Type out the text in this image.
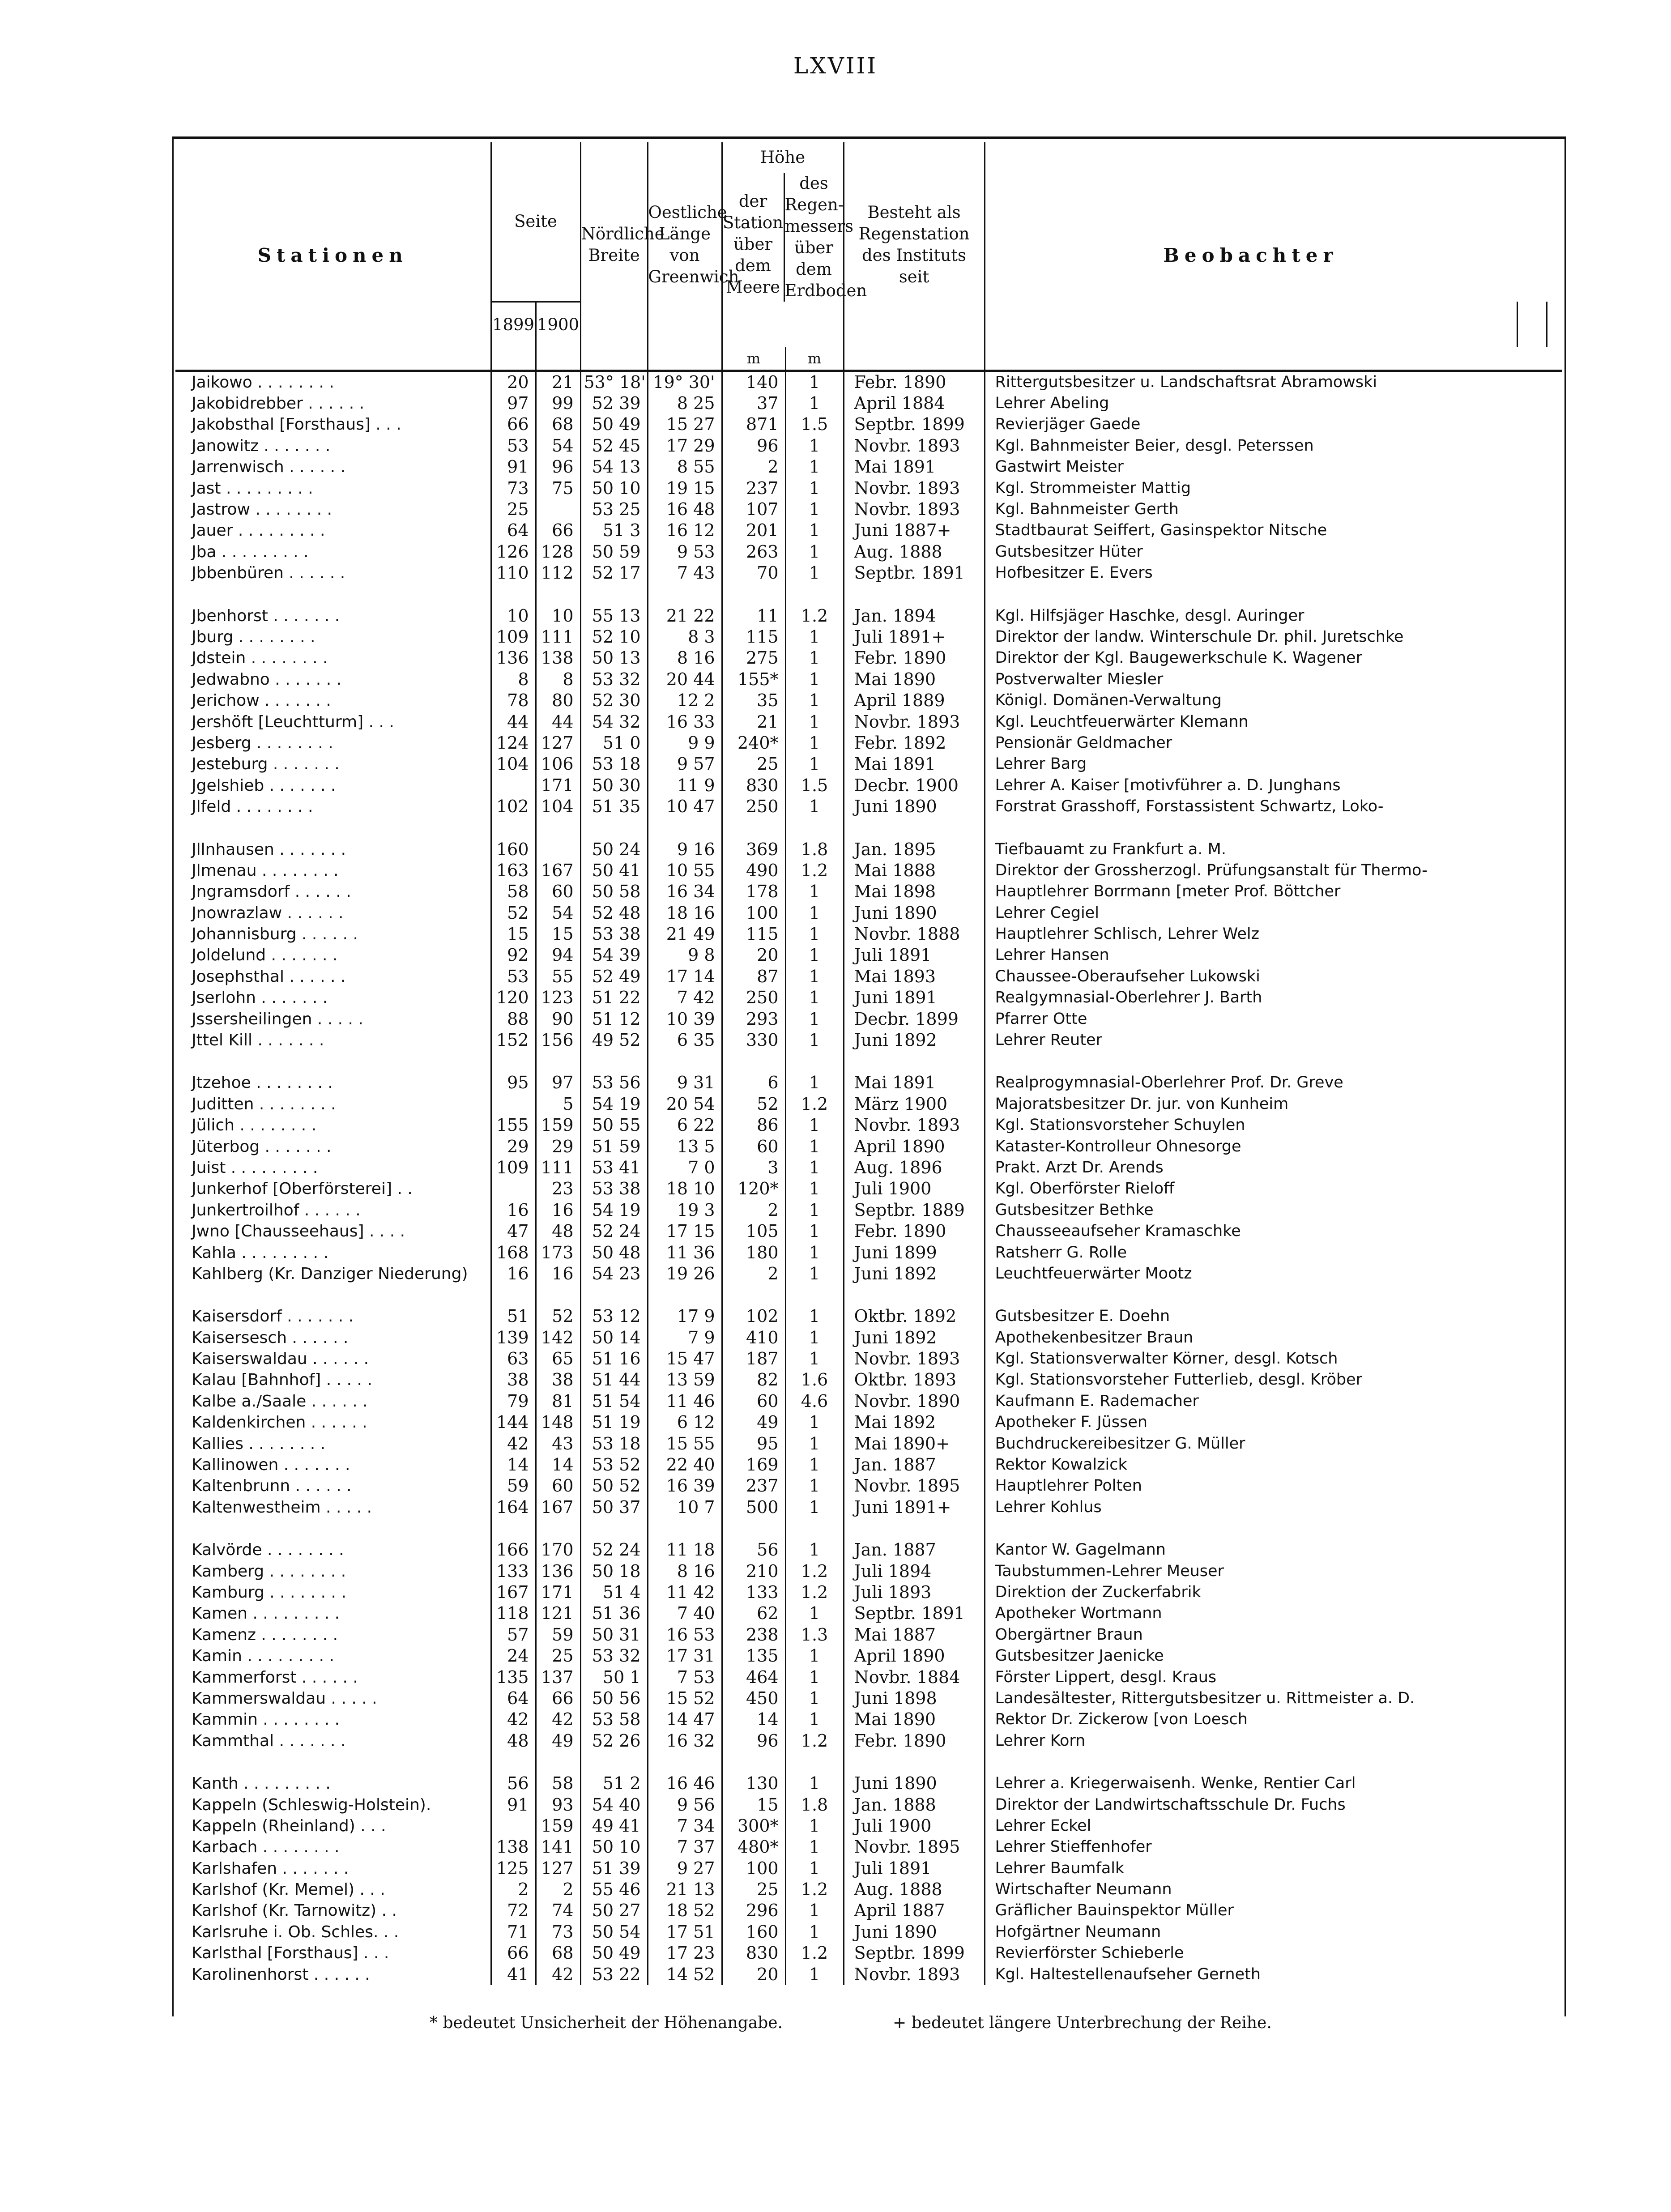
LXVIII
Stationen	Seite		Nördliche Breite	Oestliche Länge von Greenwich	Höhe
der Station über dem Meere
des Regen-messers über dem Erdboden		Besteht als Regenstation des Instituts seit	Beobachter		
	1899	1900								
					m	m				
Jaikowo . . . . . . . .	20	21	53° 18'	19° 30'	140	1	Febr. 1890	Rittergutsbesitzer u. Landschaftsrat Abramowski		
Jakobidrebber . . . . . .	97	99	52 39	8 25	37	1	April 1884	Lehrer Abeling		
Jakobsthal [Forsthaus] . . .	66	68	50 49	15 27	871	1.5	Septbr. 1899	Revierjäger Gaede		
Janowitz . . . . . . .	53	54	52 45	17 29	96	1	Novbr. 1893	Kgl. Bahnmeister Beier, desgl. Peterssen		
Jarrenwisch . . . . . .	91	96	54 13	8 55	2	1	Mai 1891	Gastwirt Meister		
Jast . . . . . . . . .	73	75	50 10	19 15	237	1	Novbr. 1893	Kgl. Strommeister Mattig		
Jastrow . . . . . . . .	25		53 25	16 48	107	1	Novbr. 1893	Kgl. Bahnmeister Gerth		
Jauer . . . . . . . . .	64	66	51 3	16 12	201	1	Juni 1887+	Stadtbaurat Seiffert, Gasinspektor Nitsche		
Jba . . . . . . . . .	126	128	50 59	9 53	263	1	Aug. 1888	Gutsbesitzer Hüter		
Jbbenbüren . . . . . .	110	112	52 17	7 43	70	1	Septbr. 1891	Hofbesitzer E. Evers		

Jbenhorst . . . . . . .	10	10	55 13	21 22	11	1.2	Jan. 1894	Kgl. Hilfsjäger Haschke, desgl. Auringer		
Jburg . . . . . . . .	109	111	52 10	8 3	115	1	Juli 1891+	Direktor der landw. Winterschule Dr. phil. Juretschke		
Jdstein . . . . . . . .	136	138	50 13	8 16	275	1	Febr. 1890	Direktor der Kgl. Baugewerkschule K. Wagener		
Jedwabno . . . . . . .	8	8	53 32	20 44	155*	1	Mai 1890	Postverwalter Miesler		
Jerichow . . . . . . .	78	80	52 30	12 2	35	1	April 1889	Königl. Domänen-Verwaltung		
Jershöft [Leuchtturm] . . .	44	44	54 32	16 33	21	1	Novbr. 1893	Kgl. Leuchtfeuerwärter Klemann		
Jesberg . . . . . . . .	124	127	51 0	9 9	240*	1	Febr. 1892	Pensionär Geldmacher		
Jesteburg . . . . . . .	104	106	53 18	9 57	25	1	Mai 1891	Lehrer Barg		
Jgelshieb . . . . . . .		171	50 30	11 9	830	1.5	Decbr. 1900	Lehrer A. Kaiser [motivführer a. D. Junghans		
Jlfeld . . . . . . . .	102	104	51 35	10 47	250	1	Juni 1890	Forstrat Grasshoff, Forstassistent Schwartz, Loko-		

Jllnhausen . . . . . . .	160		50 24	9 16	369	1.8	Jan. 1895	Tiefbauamt zu Frankfurt a. M.		
Jlmenau . . . . . . . .	163	167	50 41	10 55	490	1.2	Mai 1888	Direktor der Grossherzogl. Prüfungsanstalt für Thermo-		
Jngramsdorf . . . . . .	58	60	50 58	16 34	178	1	Mai 1898	Hauptlehrer Borrmann [meter Prof. Böttcher		
Jnowrazlaw . . . . . .	52	54	52 48	18 16	100	1	Juni 1890	Lehrer Cegiel		
Johannisburg . . . . . .	15	15	53 38	21 49	115	1	Novbr. 1888	Hauptlehrer Schlisch, Lehrer Welz		
Joldelund . . . . . . .	92	94	54 39	9 8	20	1	Juli 1891	Lehrer Hansen		
Josephsthal . . . . . .	53	55	52 49	17 14	87	1	Mai 1893	Chaussee-Oberaufseher Lukowski		
Jserlohn . . . . . . .	120	123	51 22	7 42	250	1	Juni 1891	Realgymnasial-Oberlehrer J. Barth		
Jssersheilingen . . . . .	88	90	51 12	10 39	293	1	Decbr. 1899	Pfarrer Otte		
Jttel Kill . . . . . . .	152	156	49 52	6 35	330	1	Juni 1892	Lehrer Reuter		

Jtzehoe . . . . . . . .	95	97	53 56	9 31	6	1	Mai 1891	Realprogymnasial-Oberlehrer Prof. Dr. Greve		
Juditten . . . . . . . .		5	54 19	20 54	52	1.2	März 1900	Majoratsbesitzer Dr. jur. von Kunheim		
Jülich . . . . . . . .	155	159	50 55	6 22	86	1	Novbr. 1893	Kgl. Stationsvorsteher Schuylen		
Jüterbog . . . . . . .	29	29	51 59	13 5	60	1	April 1890	Kataster-Kontrolleur Ohnesorge		
Juist . . . . . . . . .	109	111	53 41	7 0	3	1	Aug. 1896	Prakt. Arzt Dr. Arends		
Junkerhof [Oberförsterei] . .		23	53 38	18 10	120*	1	Juli 1900	Kgl. Oberförster Rieloff		
Junkertroilhof . . . . . .	16	16	54 19	19 3	2	1	Septbr. 1889	Gutsbesitzer Bethke		
Jwno [Chausseehaus] . . . .	47	48	52 24	17 15	105	1	Febr. 1890	Chausseeaufseher Kramaschke		
Kahla . . . . . . . . .	168	173	50 48	11 36	180	1	Juni 1899	Ratsherr G. Rolle		
Kahlberg (Kr. Danziger Niederung)	16	16	54 23	19 26	2	1	Juni 1892	Leuchtfeuerwärter Mootz		

Kaisersdorf . . . . . . .	51	52	53 12	17 9	102	1	Oktbr. 1892	Gutsbesitzer E. Doehn		
Kaisersesch . . . . . .	139	142	50 14	7 9	410	1	Juni 1892	Apothekenbesitzer Braun		
Kaiserswaldau . . . . . .	63	65	51 16	15 47	187	1	Novbr. 1893	Kgl. Stationsverwalter Körner, desgl. Kotsch		
Kalau [Bahnhof] . . . . .	38	38	51 44	13 59	82	1.6	Oktbr. 1893	Kgl. Stationsvorsteher Futterlieb, desgl. Kröber		
Kalbe a./Saale . . . . . .	79	81	51 54	11 46	60	4.6	Novbr. 1890	Kaufmann E. Rademacher		
Kaldenkirchen . . . . . .	144	148	51 19	6 12	49	1	Mai 1892	Apotheker F. Jüssen		
Kallies . . . . . . . .	42	43	53 18	15 55	95	1	Mai 1890+	Buchdruckereibesitzer G. Müller		
Kallinowen . . . . . . .	14	14	53 52	22 40	169	1	Jan. 1887	Rektor Kowalzick		
Kaltenbrunn . . . . . .	59	60	50 52	16 39	237	1	Novbr. 1895	Hauptlehrer Polten		
Kaltenwestheim . . . . .	164	167	50 37	10 7	500	1	Juni 1891+	Lehrer Kohlus		

Kalvörde . . . . . . . .	166	170	52 24	11 18	56	1	Jan. 1887	Kantor W. Gagelmann		
Kamberg . . . . . . . .	133	136	50 18	8 16	210	1.2	Juli 1894	Taubstummen-Lehrer Meuser		
Kamburg . . . . . . . .	167	171	51 4	11 42	133	1.2	Juli 1893	Direktion der Zuckerfabrik		
Kamen . . . . . . . . .	118	121	51 36	7 40	62	1	Septbr. 1891	Apotheker Wortmann		
Kamenz . . . . . . . .	57	59	50 31	16 53	238	1.3	Mai 1887	Obergärtner Braun		
Kamin . . . . . . . . .	24	25	53 32	17 31	135	1	April 1890	Gutsbesitzer Jaenicke		
Kammerforst . . . . . .	135	137	50 1	7 53	464	1	Novbr. 1884	Förster Lippert, desgl. Kraus		
Kammerswaldau . . . . .	64	66	50 56	15 52	450	1	Juni 1898	Landesältester, Rittergutsbesitzer u. Rittmeister a. D.		
Kammin . . . . . . . .	42	42	53 58	14 47	14	1	Mai 1890	Rektor Dr. Zickerow [von Loesch		
Kammthal . . . . . . .	48	49	52 26	16 32	96	1.2	Febr. 1890	Lehrer Korn		

Kanth . . . . . . . . .	56	58	51 2	16 46	130	1	Juni 1890	Lehrer a. Kriegerwaisenh. Wenke, Rentier Carl		
Kappeln (Schleswig-Holstein).	91	93	54 40	9 56	15	1.8	Jan. 1888	Direktor der Landwirtschaftsschule Dr. Fuchs		
Kappeln (Rheinland) . . .		159	49 41	7 34	300*	1	Juli 1900	Lehrer Eckel		
Karbach . . . . . . . .	138	141	50 10	7 37	480*	1	Novbr. 1895	Lehrer Stieffenhofer		
Karlshafen . . . . . . .	125	127	51 39	9 27	100	1	Juli 1891	Lehrer Baumfalk		
Karlshof (Kr. Memel) . . .	2	2	55 46	21 13	25	1.2	Aug. 1888	Wirtschafter Neumann		
Karlshof (Kr. Tarnowitz) . .	72	74	50 27	18 52	296	1	April 1887	Gräflicher Bauinspektor Müller		
Karlsruhe i. Ob. Schles. . .	71	73	50 54	17 51	160	1	Juni 1890	Hofgärtner Neumann		
Karlsthal [Forsthaus] . . .	66	68	50 49	17 23	830	1.2	Septbr. 1899	Revierförster Schieberle		
Karolinenhorst . . . . . .	41	42	53 22	14 52	20	1	Novbr. 1893	Kgl. Haltestellenaufseher Gerneth		
* bedeutet Unsicherheit der Höhenangabe.	+ bedeutet längere Unterbrechung der Reihe.
